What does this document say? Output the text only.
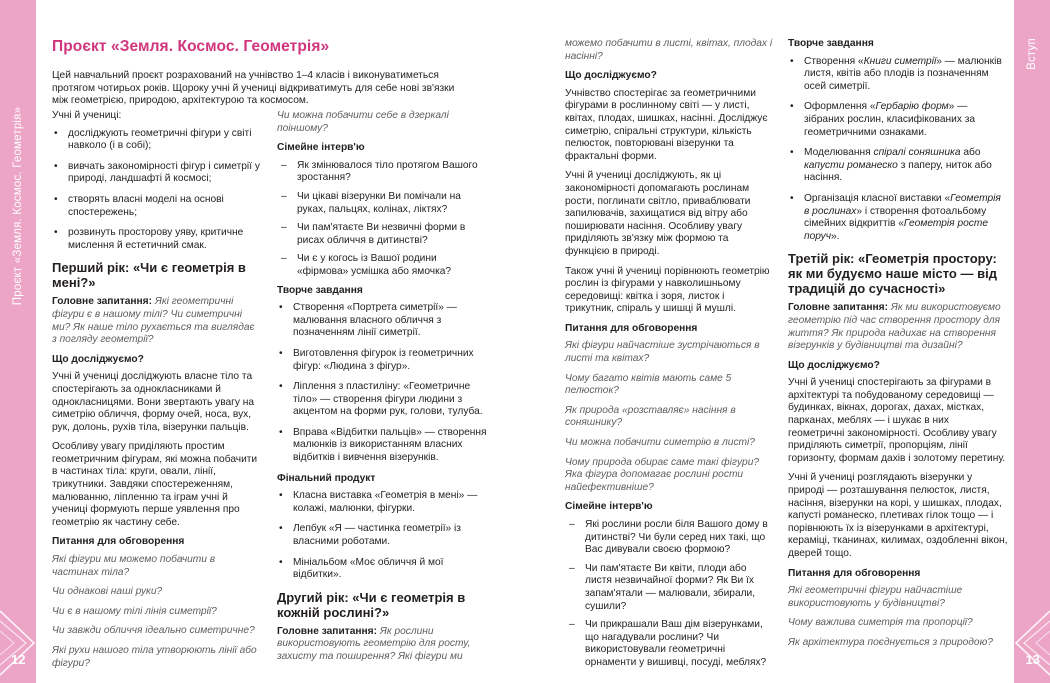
Проєкт «Земля. Космос. Геометрія»
12
Проєкт «Земля. Космос. Геометрія»

Цей навчальний проєкт розрахований на учнівство 1–4 класів і виконуватиметься протягом чотирьох років. Щороку учні й учениці відкриватимуть для себе нові зв'язки між геометрією, природою, архітектурою та космосом.

Учні й учениці:

• досліджують геометричні фігури у світі навколо (і в собі);
• вивчать закономірності фігур і симетрії у природі, ландшафті й космосі;
• створять власні моделі на основі спостережень;
• розвинуть просторову уяву, критичне мислення й естетичний смак.
Перший рік: «Чи є геометрія в мені?»

Головне запитання: Які геометричні фігури є в нашому тілі? Чи симетричні ми? Як наше тіло рухається та виглядає з погляду геометрії?

Що досліджуємо?

Учні й учениці досліджують власне тіло та спостерігають за однокласниками й однокласницями. Вони звертають увагу на симетрію обличчя, форму очей, носа, вух, рук, долонь, рухів тіла, візерунки пальців.

Особливу увагу приділяють простим геометричним фігурам, які можна побачити в частинах тіла: круги, овали, лінії, трикутники. Завдяки спостереженням, малюванню, ліпленню та іграм учні й учениці формують перше уявлення про геометрію як частину себе.

Питання для обговорення

Які фігури ми можемо побачити в частинах тіла?

Чи однакові наші руки?

Чи є в нашому тілі лінія симетрії?

Чи завжди обличчя ідеально симетричне?

Які рухи нашого тіла утворюють лінії або фігури?

Чи можна побачити себе в дзеркалі поіншому?

Сімейне інтерв'ю
– Як змінювалося тіло протягом Вашого зростання?
– Чи цікаві візерунки Ви помічали на руках, пальцях, колінах, ліктях?
– Чи пам'ятаєте Ви незвичні форми в рисах обличчя в дитинстві?
– Чи є у когось із Вашої родини «фірмова» усмішка або ямочка?
Творче завдання
• Створення «Портрета симетрії» — малювання власного обличчя з позначенням лінії симетрії.
• Виготовлення фігурок із геометричних фігур: «Людина з фігур».
• Ліплення з пластиліну: «Геометричне тіло» — створення фігури людини з акцентом на форми рук, голови, тулуба.
• Вправа «Відбитки пальців» — створення малюнків із використанням власних відбитків і вивчення візерунків.
Фінальний продукт
• Класна виставка «Геометрія в мені» — колажі, малюнки, фігурки.
• Лепбук «Я — частинка геометрії» із власними роботами.
• Мініальбом «Моє обличчя й мої відбитки».
Другий рік: «Чи є геометрія в кожній рослині?»

Головне запитання: Як рослини використовують геометрію для росту, захисту та поширення? Які фігури ми

Вступ
13

можемо побачити в листі, квітах, плодах і насінні?

Що досліджуємо?

Учнівство спостерігає за геометричними фігурами в рослинному світі — у листі, квітах, плодах, шишках, насінні. Досліджує симетрію, спіральні структури, кількість пелюсток, повторювані візерунки та фрактальні форми.

Учні й учениці досліджують, як ці закономірності допомагають рослинам рости, поглинати світло, приваблювати запилювачів, захищатися від вітру або поширювати насіння. Особливу увагу приділяють зв'язку між формою та функцією в природі.

Також учні й учениці порівнюють геометрію рослин із фігурами у навколишньому середовищі: квітка і зоря, листок і трикутник, спіраль у шишці й мушлі.

Питання для обговорення

Які фігури найчастіше зустрічаються в листі та квітах?

Чому багато квітів мають саме 5 пелюсток?

Як природа «розставляє» насіння в соняшнику?

Чи можна побачити симетрію в листі?

Чому природа обирає саме такі фігури? Яка фігура допомагає рослині рости найефективніше?

Сімейне інтерв'ю
– Які рослини росли біля Вашого дому в дитинстві? Чи були серед них такі, що Вас дивували своєю формою?
– Чи пам'ятаєте Ви квіти, плоди або листя незвичайної форми? Як Ви їх запам'ятали — малювали, збирали, сушили?
– Чи прикрашали Ваш дім візерунками, що нагадували рослини? Чи використовували геометричні орнаменти у вишивці, посуді, меблях?
Творче завдання
• Створення «Книги симетрії» — малюнків листя, квітів або плодів із позначенням осей симетрії.
• Оформлення «Гербарію форм» — зібраних рослин, класифікованих за геометричними ознаками.
• Моделювання спіралі соняшника або капусти романеско з паперу, ниток або насіння.
• Організація класної виставки «Геометрія в рослинах» і створення фотоальбому сімейних відкриттів «Геометрія росте поруч».
Третій рік: «Геометрія простору: як ми будуємо наше місто — від традицій до сучасності»

Головне запитання: Як ми використовуємо геометрію під час створення простору для життя? Як природа надихає на створення візерунків у будівництві та дизайні?

Що досліджуємо?

Учні й учениці спостерігають за фігурами в архітектурі та побудованому середовищі — будинках, вікнах, дорогах, дахах, містках, парканах, меблях — і шукає в них геометричні закономірності. Особливу увагу приділяють симетрії, пропорціям, лінії горизонту, формам дахів і золотому перетину.

Учні й учениці розглядають візерунки у природі — розташування пелюсток, листя, насіння, візерунки на корі, у шишках, плодах, капусті романеско, плетивах гілок тощо — і порівнюють їх із візерунками в архітектурі, кераміці, тканинах, килимах, оздобленні вікон, дверей тощо.

Питання для обговорення

Які геометричні фігури найчастіше використовують у будівництві?

Чому важлива симетрія та пропорції?

Як архітектура поєднується з природою?
